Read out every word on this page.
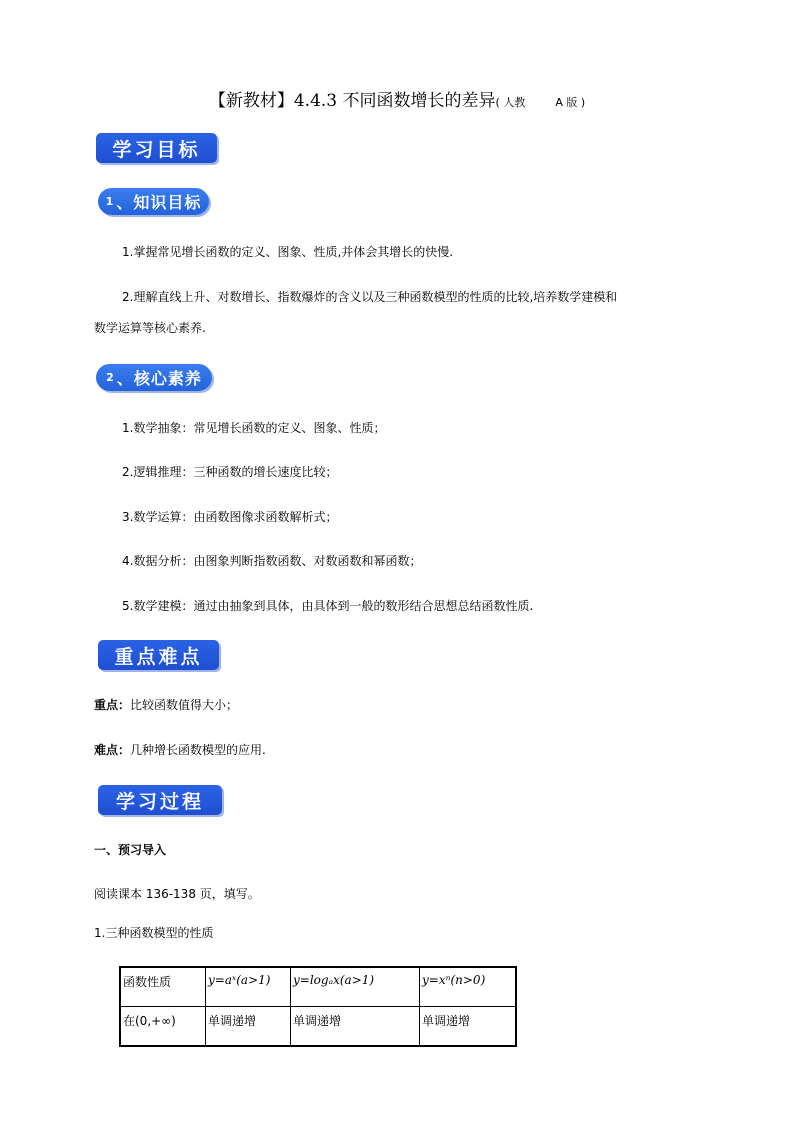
【新教材】4.4.3 不同函数增长的差异( 人教	A 版 )
学习目标
1 、知识目标
1.掌握常见增长函数的定义、图象、性质,并体会其增长的快慢.
2.理解直线上升、对数增长、指数爆炸的含义以及三种函数模型的性质的比较,培养数学建模和
数学运算等核心素养.
2 、核心素养
1.数学抽象：常见增长函数的定义、图象、性质；
2.逻辑推理：三种函数的增长速度比较；
3.数学运算：由函数图像求函数解析式；
4.数据分析：由图象判断指数函数、对数函数和幂函数；
5.数学建模：通过由抽象到具体，由具体到一般的数形结合思想总结函数性质.
重点难点
重点：比较函数值得大小；
难点：几种增长函数模型的应用.
学习过程
一、预习导入
阅读课本 136-138 页，填写。
1.三种函数模型的性质
函数性质	y=aˣ(a>1)	y=logₐx(a>1)	y=xⁿ(n>0)
在(0,+∞)	单调递增	单调递增	单调递增
